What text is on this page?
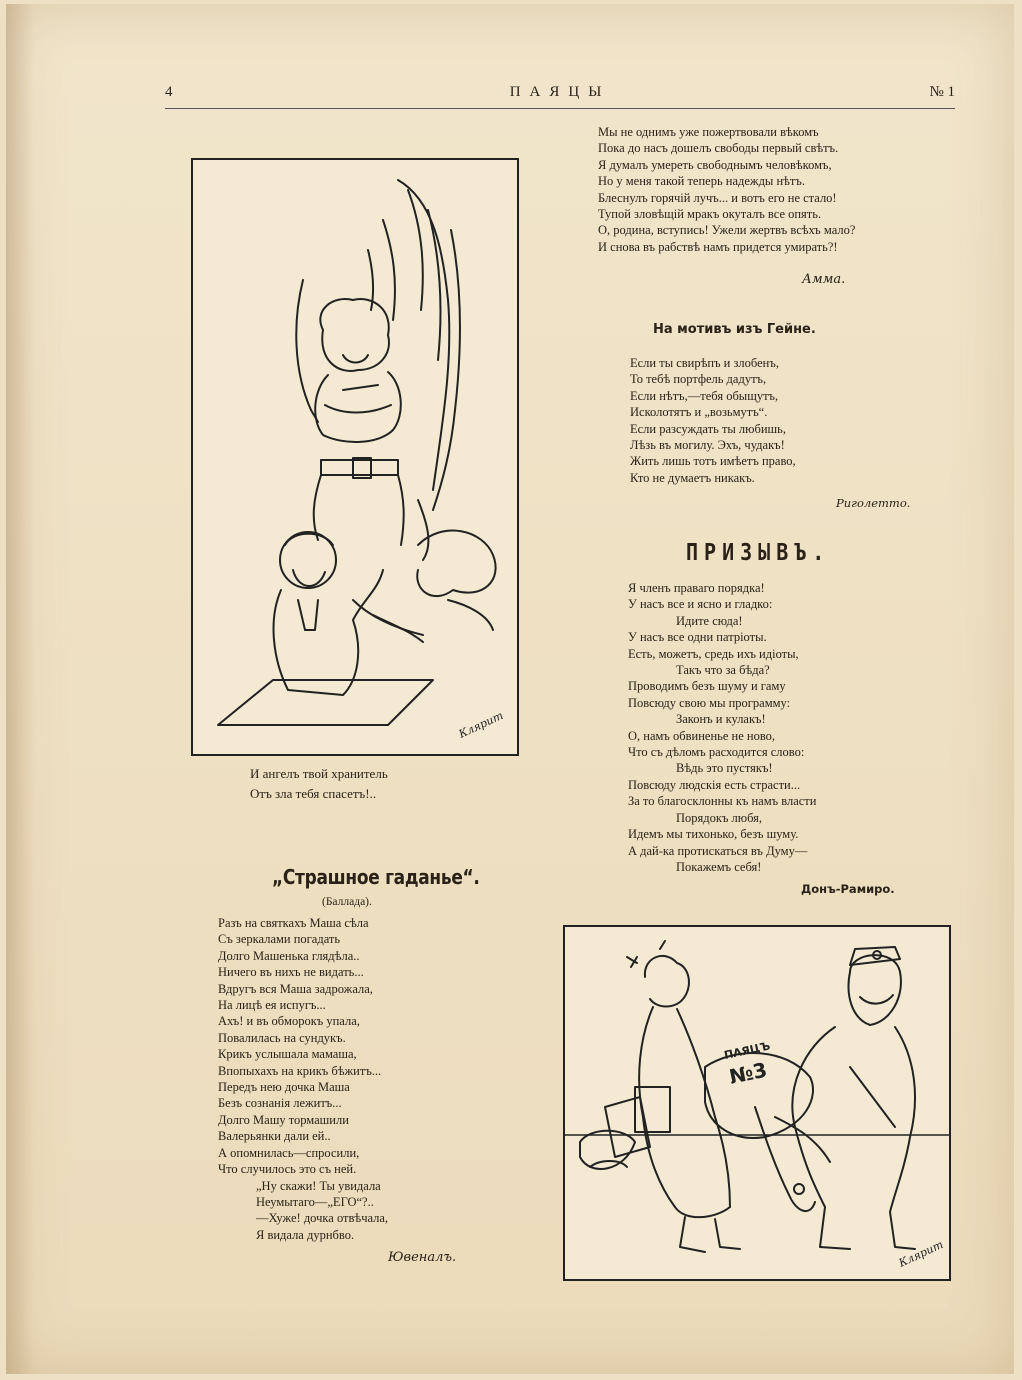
4	ПАЯЦЫ	№ 1
Клярит
И ангелъ твой хранитель
Отъ зла тебя спасетъ!..
Мы не однимъ уже пожертвовали вѣкомъ
Пока до насъ дошелъ свободы первый свѣтъ.
Я думалъ умереть свободнымъ человѣкомъ,
Но у меня такой теперь надежды нѣтъ.
Блеснулъ горячій лучъ... и вотъ его не стало!
Тупой зловѣщій мракъ окуталъ все опять.
О, родина, вступись! Ужели жертвъ всѣхъ мало?
И снова въ рабствѣ намъ придется умирать?!
Амма.
На мотивъ изъ Гейне.
Если ты свирѣпъ и злобенъ,
То тебѣ портфель дадутъ,
Если нѣтъ,—тебя обыщутъ,
Исколотятъ и „возьмутъ“.
Если разсуждать ты любишь,
Лѣзь въ могилу. Эхъ, чудакъ!
Жить лишь тотъ имѣетъ право,
Кто не думаетъ никакъ.
Риголетто.
ПРИЗЫВЪ.
Я членъ праваго порядка!
У насъ все и ясно и гладко:
Идите сюда!
У насъ все одни патріоты.
Есть, можетъ, средь ихъ идіоты,
Такъ что за бѣда?
Проводимъ безъ шуму и гаму
Повсюду свою мы программу:
Законъ и кулакъ!
О, намъ обвиненье не ново,
Что съ дѣломъ расходится слово:
Вѣдь это пустякъ!
Повсюду людскія есть страсти...
За то благосклонны къ намъ власти
Порядокъ любя,
Идемъ мы тихонько, безъ шуму.
А дай-ка протискаться въ Думу—
Покажемъ себя!
Донъ-Рамиро.
„Страшное гаданье“.
(Баллада).
Разъ на святкахъ Маша сѣла
Съ зеркалами погадать
Долго Машенька глядѣла..
Ничего въ нихъ не видать...
Вдругъ вся Маша задрожала,
На лицѣ ея испугъ...
Ахъ! и въ обморокъ упала,
Повалилась на сундукъ.
Крикъ услышала мамаша,
Впопыхахъ на крикъ бѣжитъ...
Передъ нею дочка Маша
Безъ сознанія лежитъ...
Долго Машу тормашили
Валерьянки дали ей..
А опомнилась—спросили,
Что случилось это съ ней.
„Ну скажи! Ты увидала
Неумытаго—„ЕГО“?..
—Хуже! дочка отвѣчала,
Я видала дурнбво.
Ювеналъ.
ПАЯЦЪ
№3
Клярит
